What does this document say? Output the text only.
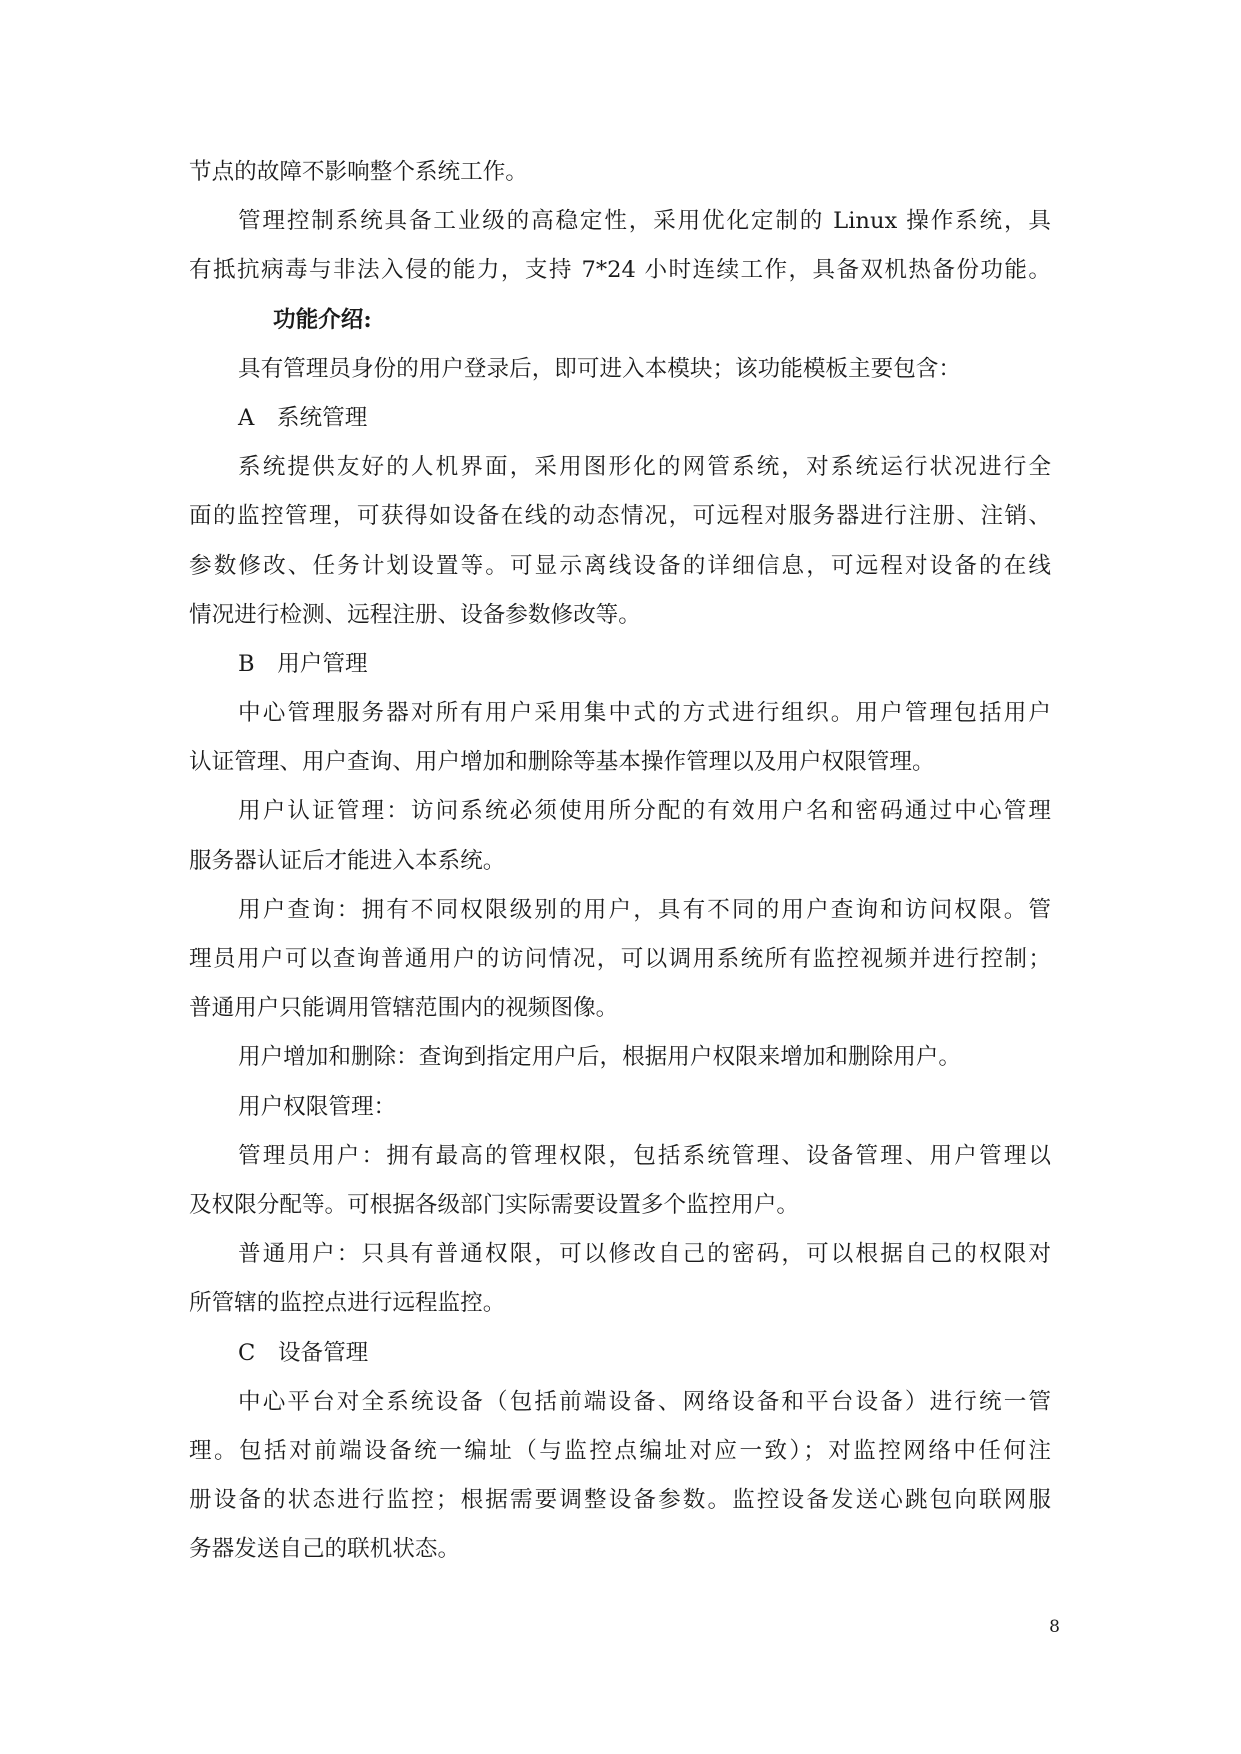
节点的故障不影响整个系统工作。
管理控制系统具备工业级的高稳定性，采用优化定制的 Linux 操作系统，具
有抵抗病毒与非法入侵的能力，支持 7*24 小时连续工作，具备双机热备份功能。
功能介绍:
具有管理员身份的用户登录后，即可进入本模块；该功能模板主要包含：
A　系统管理
系统提供友好的人机界面，采用图形化的网管系统，对系统运行状况进行全
面的监控管理，可获得如设备在线的动态情况，可远程对服务器进行注册、注销、
参数修改、任务计划设置等。可显示离线设备的详细信息，可远程对设备的在线
情况进行检测、远程注册、设备参数修改等。
B　用户管理
中心管理服务器对所有用户采用集中式的方式进行组织。用户管理包括用户
认证管理、用户查询、用户增加和删除等基本操作管理以及用户权限管理。
用户认证管理：访问系统必须使用所分配的有效用户名和密码通过中心管理
服务器认证后才能进入本系统。
用户查询：拥有不同权限级别的用户，具有不同的用户查询和访问权限。管
理员用户可以查询普通用户的访问情况，可以调用系统所有监控视频并进行控制；
普通用户只能调用管辖范围内的视频图像。
用户增加和删除：查询到指定用户后，根据用户权限来增加和删除用户。
用户权限管理：
管理员用户：拥有最高的管理权限，包括系统管理、设备管理、用户管理以
及权限分配等。可根据各级部门实际需要设置多个监控用户。
普通用户：只具有普通权限，可以修改自己的密码，可以根据自己的权限对
所管辖的监控点进行远程监控。
C　设备管理
中心平台对全系统设备（包括前端设备、网络设备和平台设备）进行统一管
理。包括对前端设备统一编址（与监控点编址对应一致）；对监控网络中任何注
册设备的状态进行监控；根据需要调整设备参数。监控设备发送心跳包向联网服
务器发送自己的联机状态。
8
